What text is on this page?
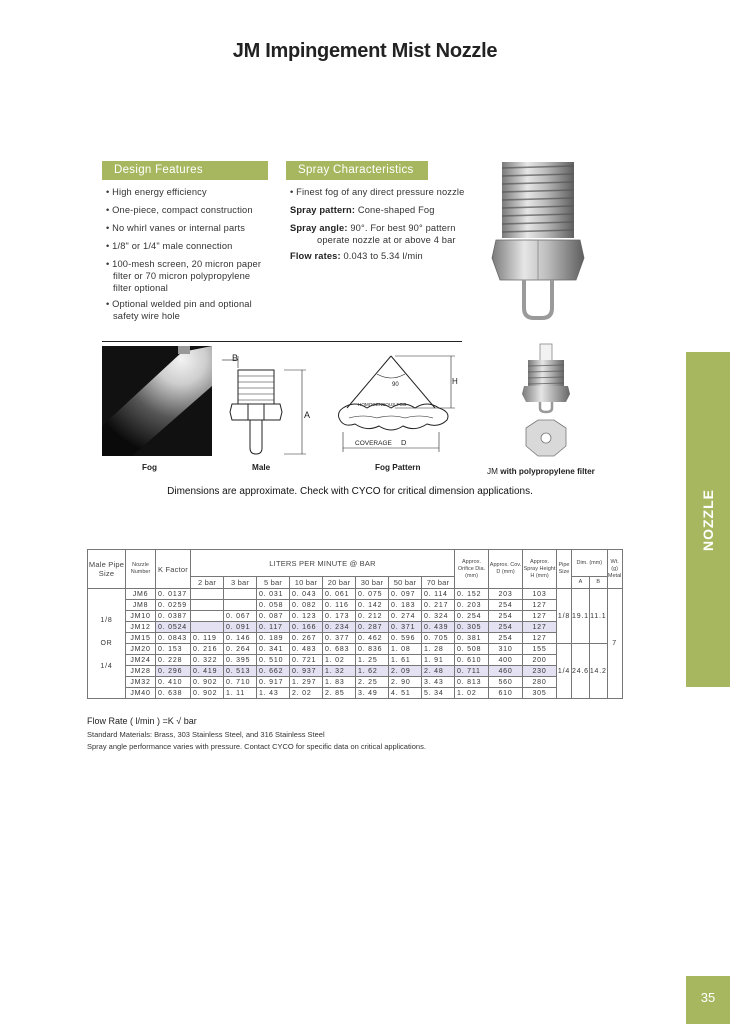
JM Impingement Mist Nozzle
Design Features	Spray Characteristics
• High energy efficiency
• One-piece, compact construction
• No whirl vanes or internal parts
• 1/8" or 1/4" male connection
• 100-mesh screen, 20 micron paper
filter or 70 micron polypropylene
filter optional
• Optional welded pin and optional
safety wire hole
• Finest fog of any direct pressure nozzle
Spray pattern: Cone-shaped Fog
Spray angle: 90°. For best 90° pattern
operate nozzle at or above 4 bar
Flow rates: 0.043 to 5.34 l/min
B
A
90
HOMOGENEOUS FOG
COVERAGE D
H
Fog	Male	Fog Pattern	JM with polypropylene filter
Dimensions are approximate. Check with CYCO for critical dimension applications.	NOZZLE
Male Pipe Size	Nozzle Number	K Factor	LITERS PER MINUTE @ BAR								Approx. Orifice Dia. (mm)	Approx. Cov. D (mm)	Approx. Spray Height H (mm)	Pipe Size	Dim. (mm)		Wt. (g) Metal
			2 bar	3 bar	5 bar	10 bar	20 bar	30 bar	50 bar	70 bar					A	B	

1/8
OR
1/4	JM6	0. 0137			0. 031	0. 043	0. 061	0. 075	0. 097	0. 114	0. 152	203	103	1/8	19.1	11.1	7
	JM8	0. 0259			0. 058	0. 082	0. 116	0. 142	0. 183	0. 217	0. 203	254	127				
	JM10	0. 0387		0. 067	0. 087	0. 123	0. 173	0. 212	0. 274	0. 324	0. 254	254	127				
	JM12	0. 0524		0. 091	0. 117	0. 166	0. 234	0. 287	0. 371	0. 439	0. 305	254	127				
	JM15	0. 0843	0. 119	0. 146	0. 189	0. 267	0. 377	0. 462	0. 596	0. 705	0. 381	254	127				
	JM20	0. 153	0. 216	0. 264	0. 341	0. 483	0. 683	0. 836	1. 08	1. 28	0. 508	310	155	1/4	24.6	14.2	
	JM24	0. 228	0. 322	0. 395	0. 510	0. 721	1. 02	1. 25	1. 61	1. 91	0. 610	400	200				
	JM28	0. 296	0. 419	0. 513	0. 662	0. 937	1. 32	1. 62	2. 09	2. 48	0. 711	460	230				
	JM32	0. 410	0. 902	0. 710	0. 917	1. 297	1. 83	2. 25	2. 90	3. 43	0. 813	560	280				
	JM40	0. 638	0. 902	1. 11	1. 43	2. 02	2. 85	3. 49	4. 51	5. 34	1. 02	610	305				
Flow Rate ( l/min ) =K √ bar
Standard Materials: Brass, 303 Stainless Steel, and 316 Stainless Steel
Spray angle performance varies with pressure. Contact CYCO for specific data on critical applications.
35
